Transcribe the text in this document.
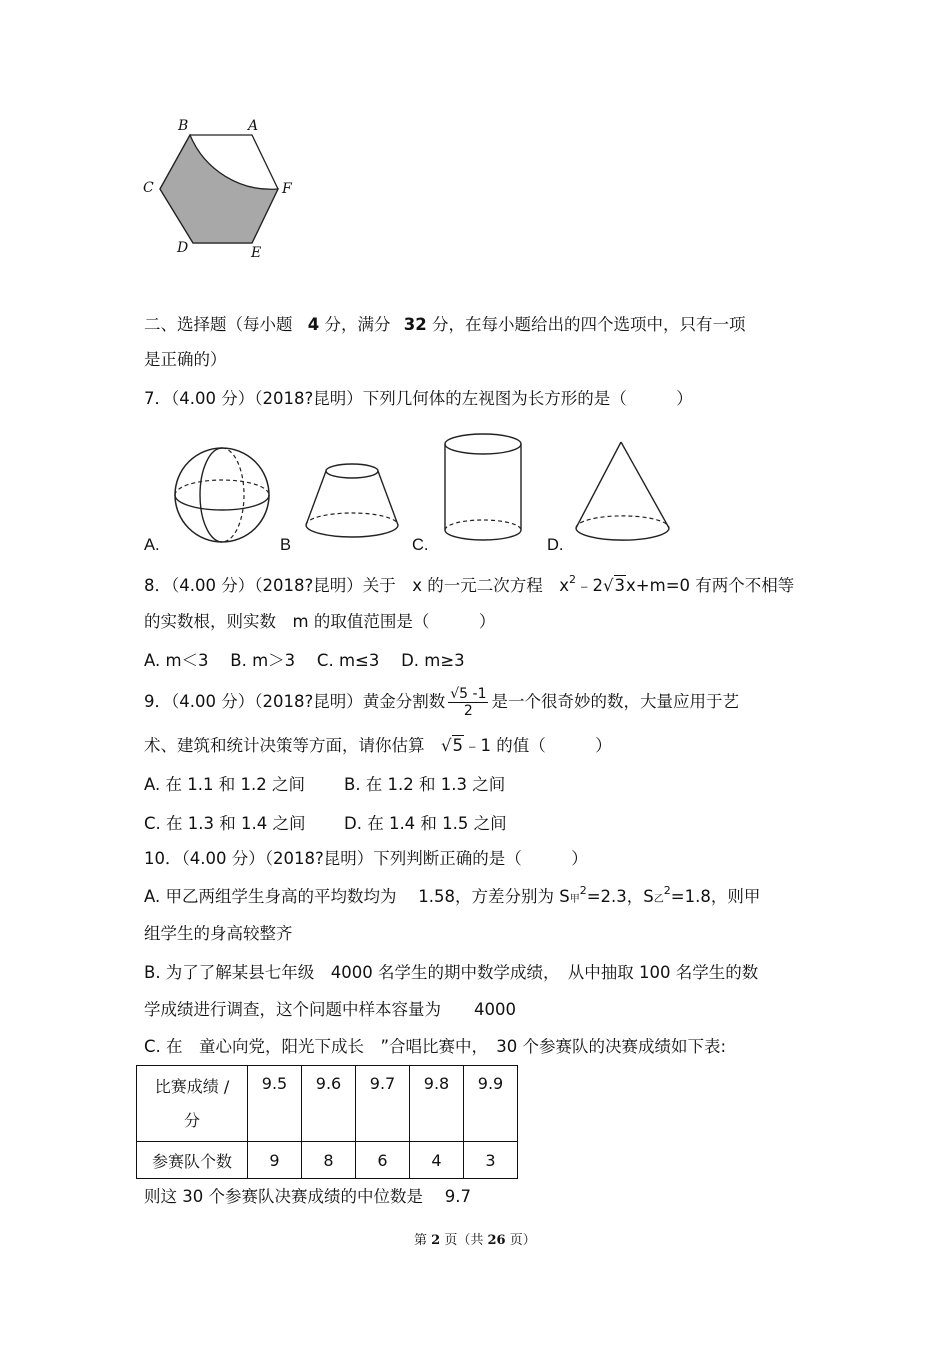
B	A
C	F
D	E
二、选择题（每小题 4 分，满分 32 分，在每小题给出的四个选项中，只有一项
是正确的）
7．（4.00 分）（2018?昆明）下列几何体的左视图为长方形的是（　　　）
A.	B	C.	D.
8．（4.00 分）（2018?昆明）关于　x 的一元二次方程　$x^2﹣2√3x+m=0$ 有两个不相等
的实数根，则实数　m 的取值范围是（　　　）
A. m＜3　 B. m＞3　 C. m≤3　 D. m≥3
9．（4.00 分）（2018?昆明）黄金分割数 $\frac{√5 -1}{2}$ 是一个很奇妙的数，大量应用于艺
术、建筑和统计决策等方面，请你估算　√5﹣1 的值（　　　）
A. 在 1.1 和 1.2 之间 B. 在 1.2 和 1.3 之间
C. 在 1.3 和 1.4 之间 D. 在 1.4 和 1.5 之间
10．（4.00 分）（2018?昆明）下列判断正确的是（　　　）
A. 甲乙两组学生身高的平均数均为　 1.58，方差分别为 S甲$^2$=2.3，S乙$^2$=1.8，则甲
组学生的身高较整齐
B. 为了了解某县七年级　4000 名学生的期中数学成绩，　从中抽取 100 名学生的数
学成绩进行调查，这个问题中样本容量为　　4000
C. 在　童心向党，阳光下成长　”合唱比赛中，　30 个参赛队的决赛成绩如下表:
比赛成绩 /
分	9.5	9.6	9.7	9.8	9.9
参赛队个数	9	8	6	4	3
则这 30 个参赛队决赛成绩的中位数是　 9.7
第 2 页（共 26 页）
